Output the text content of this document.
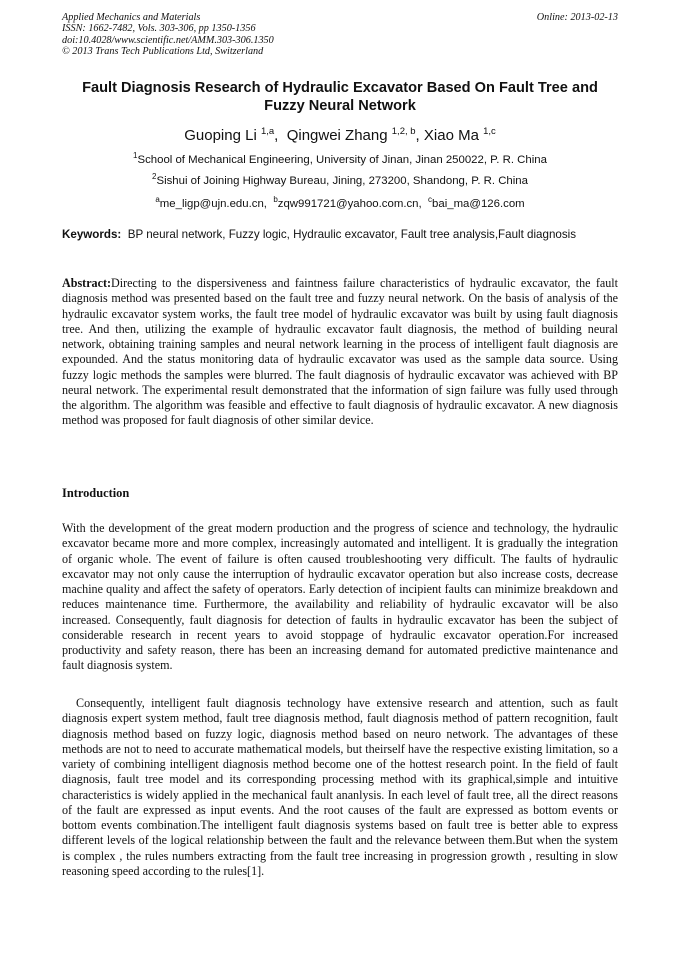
Applied Mechanics and Materials
ISSN: 1662-7482, Vols. 303-306, pp 1350-1356
doi:10.4028/www.scientific.net/AMM.303-306.1350
© 2013 Trans Tech Publications Ltd, Switzerland
Online: 2013-02-13
Fault Diagnosis Research of Hydraulic Excavator Based On Fault Tree and Fuzzy Neural Network
Guoping Li $^{1,a}$,  Qingwei Zhang $^{1,2, b}$, Xiao Ma $^{1,c}$
$^1$School of Mechanical Engineering, University of Jinan, Jinan 250022, P. R. China
$^2$Sishui of Joining Highway Bureau, Jining, 273200, Shandong, P. R. China
$^a$me_ligp@ujn.edu.cn, $^b$zqw991721@yahoo.com.cn, $^c$bai_ma@126.com
Keywords: BP neural network, Fuzzy logic, Hydraulic excavator, Fault tree analysis,Fault diagnosis
Abstract:Directing to the dispersiveness and faintness failure characteristics of hydraulic excavator, the fault diagnosis method was presented based on the fault tree and fuzzy neural network. On the basis of analysis of the hydraulic excavator system works, the fault tree model of hydraulic excavator was built by using fault diagnosis tree. And then, utilizing the example of hydraulic excavator fault diagnosis, the method of building neural network, obtaining training samples and neural network learning in the process of intelligent fault diagnosis are expounded. And the status monitoring data of hydraulic excavator was used as the sample data source. Using fuzzy logic methods the samples were blurred. The fault diagnosis of hydraulic excavator was achieved with BP neural network. The experimental result demonstrated that the information of sign failure was fully used through the algorithm. The algorithm was feasible and effective to fault diagnosis of hydraulic excavator. A new diagnosis method was proposed for fault diagnosis of other similar device.
Introduction

With the development of the great modern production and the progress of science and technology, the hydraulic excavator became more and more complex, increasingly automated and intelligent. It is gradually the integration of organic whole. The event of failure is often caused troubleshooting very difficult. The faults of hydraulic excavator may not only cause the interruption of hydraulic excavator operation but also increase costs, decrease machine quality and affect the safety of operators. Early detection of incipient faults can minimize breakdown and reduces maintenance time. Furthermore, the availability and reliability of hydraulic excavator will be also increased. Consequently, fault diagnosis for detection of faults in hydraulic excavator has been the subject of considerable research in recent years to avoid stoppage of hydraulic excavator operation.For increased productivity and safety reason, there has been an increasing demand for automated predictive maintenance and fault diagnosis system.

Consequently, intelligent fault diagnosis technology have extensive research and attention, such as fault diagnosis expert system method, fault tree diagnosis method, fault diagnosis method of pattern recognition, fault diagnosis method based on fuzzy logic, diagnosis method based on neuro network. The advantages of these methods are not to need to accurate mathematical models, but theirself have the respective existing limitation, so a variety of combining intelligent diagnosis method become one of the hottest research point. In the field of fault diagnosis, fault tree model and its corresponding processing method with its graphical,simple and intuitive characteristics is widely applied in the mechanical fault ananlysis. In each level of fault tree, all the direct reasons of the fault are expressed as input events. And the root causes of the fault are expressed as bottom events or bottom events combination.The intelligent fault diagnosis systems based on fault tree is better able to express different levels of the logical relationship between the fault and the relevance between them.But when the system is complex , the rules numbers extracting from the fault tree increasing in progression growth , resulting in slow reasoning speed according to the rules[1].
